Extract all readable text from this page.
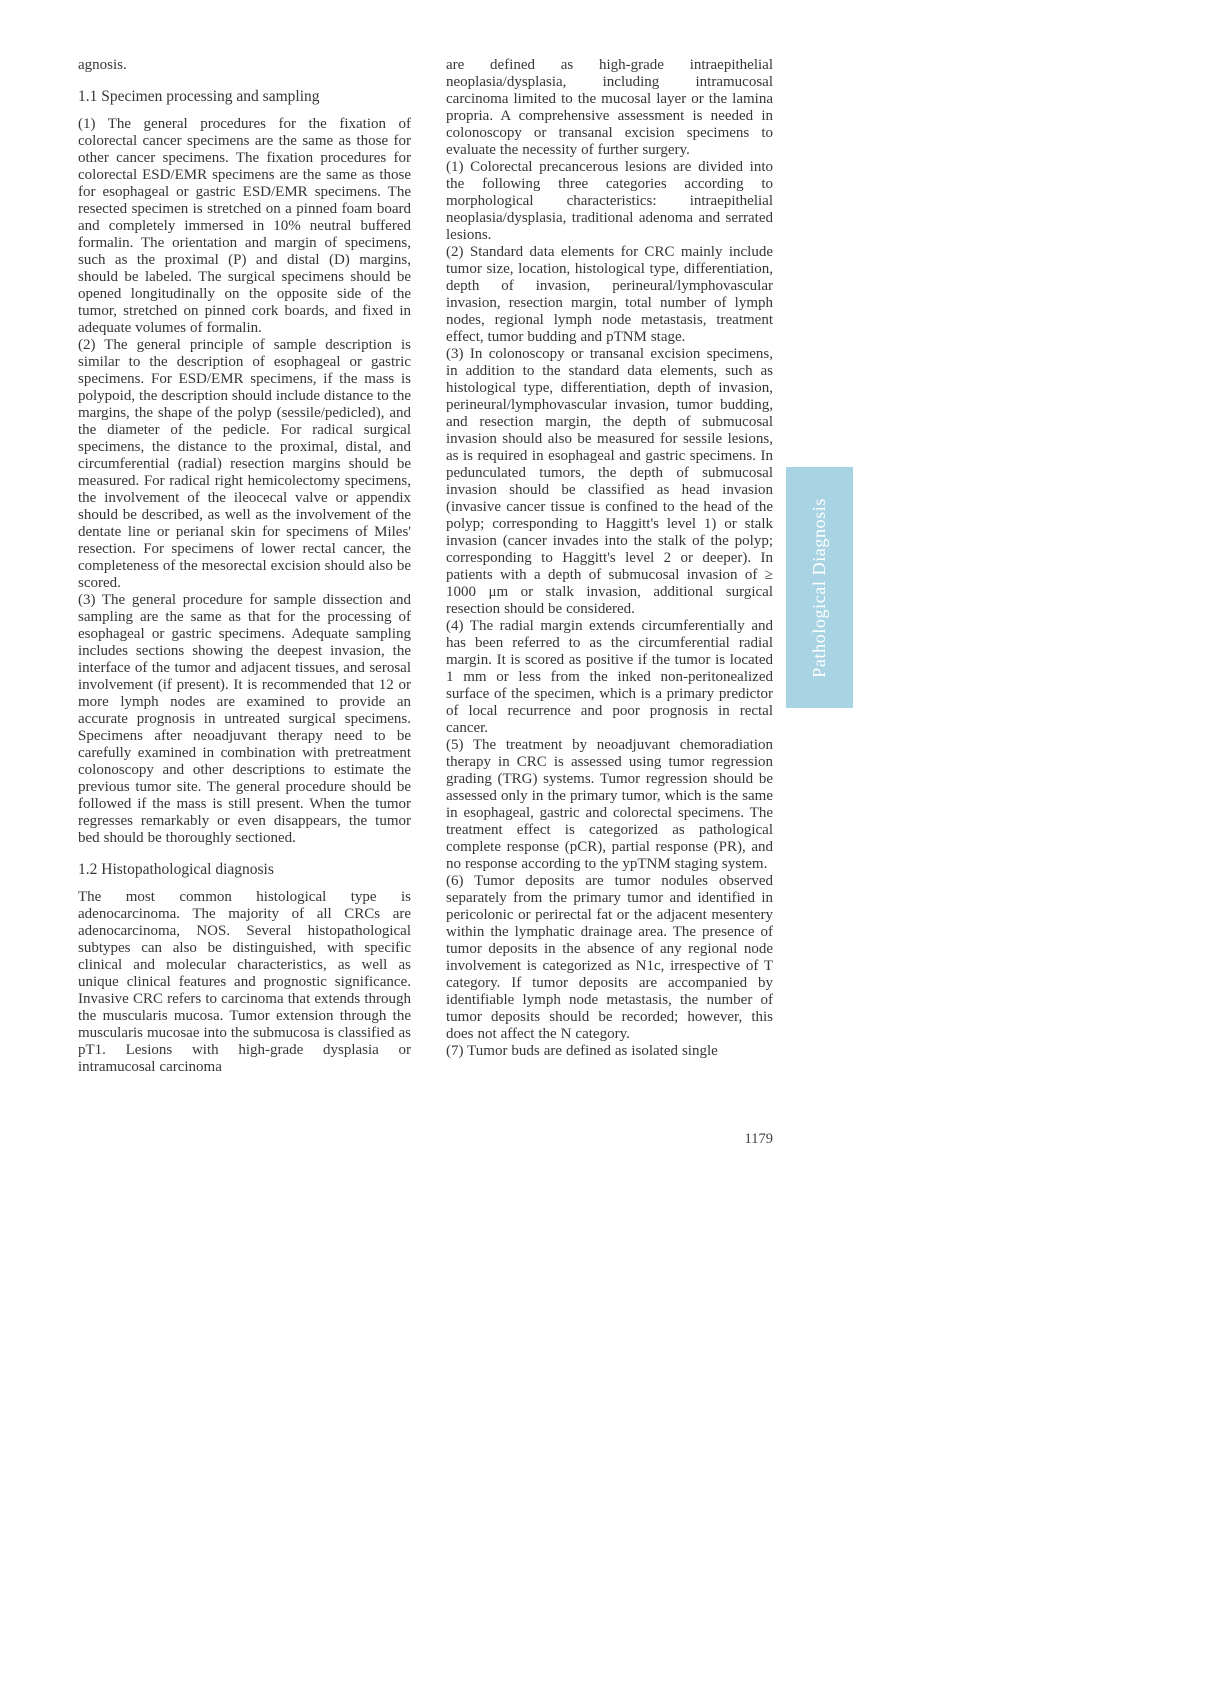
agnosis.

1.1 Specimen processing and sampling

(1) The general procedures for the fixation of colorectal cancer specimens are the same as those for other cancer specimens. The fixation procedures for colorectal ESD/EMR specimens are the same as those for esophageal or gastric ESD/EMR specimens. The resected specimen is stretched on a pinned foam board and completely immersed in 10% neutral buffered formalin. The orientation and margin of specimens, such as the proximal (P) and distal (D) margins, should be labeled. The surgical specimens should be opened longitudinally on the opposite side of the tumor, stretched on pinned cork boards, and fixed in adequate volumes of formalin.

(2) The general principle of sample description is similar to the description of esophageal or gastric specimens. For ESD/EMR specimens, if the mass is polypoid, the description should include distance to the margins, the shape of the polyp (sessile/pedicled), and the diameter of the pedicle. For radical surgical specimens, the distance to the proximal, distal, and circumferential (radial) resection margins should be measured. For radical right hemicolectomy specimens, the involvement of the ileocecal valve or appendix should be described, as well as the involvement of the dentate line or perianal skin for specimens of Miles' resection. For specimens of lower rectal cancer, the completeness of the mesorectal excision should also be scored.

(3) The general procedure for sample dissection and sampling are the same as that for the processing of esophageal or gastric specimens. Adequate sampling includes sections showing the deepest invasion, the interface of the tumor and adjacent tissues, and serosal involvement (if present). It is recommended that 12 or more lymph nodes are examined to provide an accurate prognosis in untreated surgical specimens. Specimens after neoadjuvant therapy need to be carefully examined in combination with pretreatment colonoscopy and other descriptions to estimate the previous tumor site. The general procedure should be followed if the mass is still present. When the tumor regresses remarkably or even disappears, the tumor bed should be thoroughly sectioned.

1.2 Histopathological diagnosis

The most common histological type is adenocarcinoma. The majority of all CRCs are adenocarcinoma, NOS. Several histopathological subtypes can also be distinguished, with specific clinical and molecular characteristics, as well as unique clinical features and prognostic significance. Invasive CRC refers to carcinoma that extends through the muscularis mucosa. Tumor extension through the muscularis mucosae into the submucosa is classified as pT1. Lesions with high-grade dysplasia or intramucosal carcinoma

are defined as high-grade intraepithelial neoplasia/dysplasia, including intramucosal carcinoma limited to the mucosal layer or the lamina propria. A comprehensive assessment is needed in colonoscopy or transanal excision specimens to evaluate the necessity of further surgery.

(1) Colorectal precancerous lesions are divided into the following three categories according to morphological characteristics: intraepithelial neoplasia/dysplasia, traditional adenoma and serrated lesions.

(2) Standard data elements for CRC mainly include tumor size, location, histological type, differentiation, depth of invasion, perineural/lymphovascular invasion, resection margin, total number of lymph nodes, regional lymph node metastasis, treatment effect, tumor budding and pTNM stage.

(3) In colonoscopy or transanal excision specimens, in addition to the standard data elements, such as histological type, differentiation, depth of invasion, perineural/lymphovascular invasion, tumor budding, and resection margin, the depth of submucosal invasion should also be measured for sessile lesions, as is required in esophageal and gastric specimens. In pedunculated tumors, the depth of submucosal invasion should be classified as head invasion (invasive cancer tissue is confined to the head of the polyp; corresponding to Haggitt's level 1) or stalk invasion (cancer invades into the stalk of the polyp; corresponding to Haggitt's level 2 or deeper). In patients with a depth of submucosal invasion of ≥ 1000 μm or stalk invasion, additional surgical resection should be considered.

(4) The radial margin extends circumferentially and has been referred to as the circumferential radial margin. It is scored as positive if the tumor is located 1 mm or less from the inked non-peritonealized surface of the specimen, which is a primary predictor of local recurrence and poor prognosis in rectal cancer.

(5) The treatment by neoadjuvant chemoradiation therapy in CRC is assessed using tumor regression grading (TRG) systems. Tumor regression should be assessed only in the primary tumor, which is the same in esophageal, gastric and colorectal specimens. The treatment effect is categorized as pathological complete response (pCR), partial response (PR), and no response according to the ypTNM staging system.

(6) Tumor deposits are tumor nodules observed separately from the primary tumor and identified in pericolonic or perirectal fat or the adjacent mesentery within the lymphatic drainage area. The presence of tumor deposits in the absence of any regional node involvement is categorized as N1c, irrespective of T category. If tumor deposits are accompanied by identifiable lymph node metastasis, the number of tumor deposits should be recorded; however, this does not affect the N category.

(7) Tumor buds are defined as isolated single

Pathological Diagnosis
1179
